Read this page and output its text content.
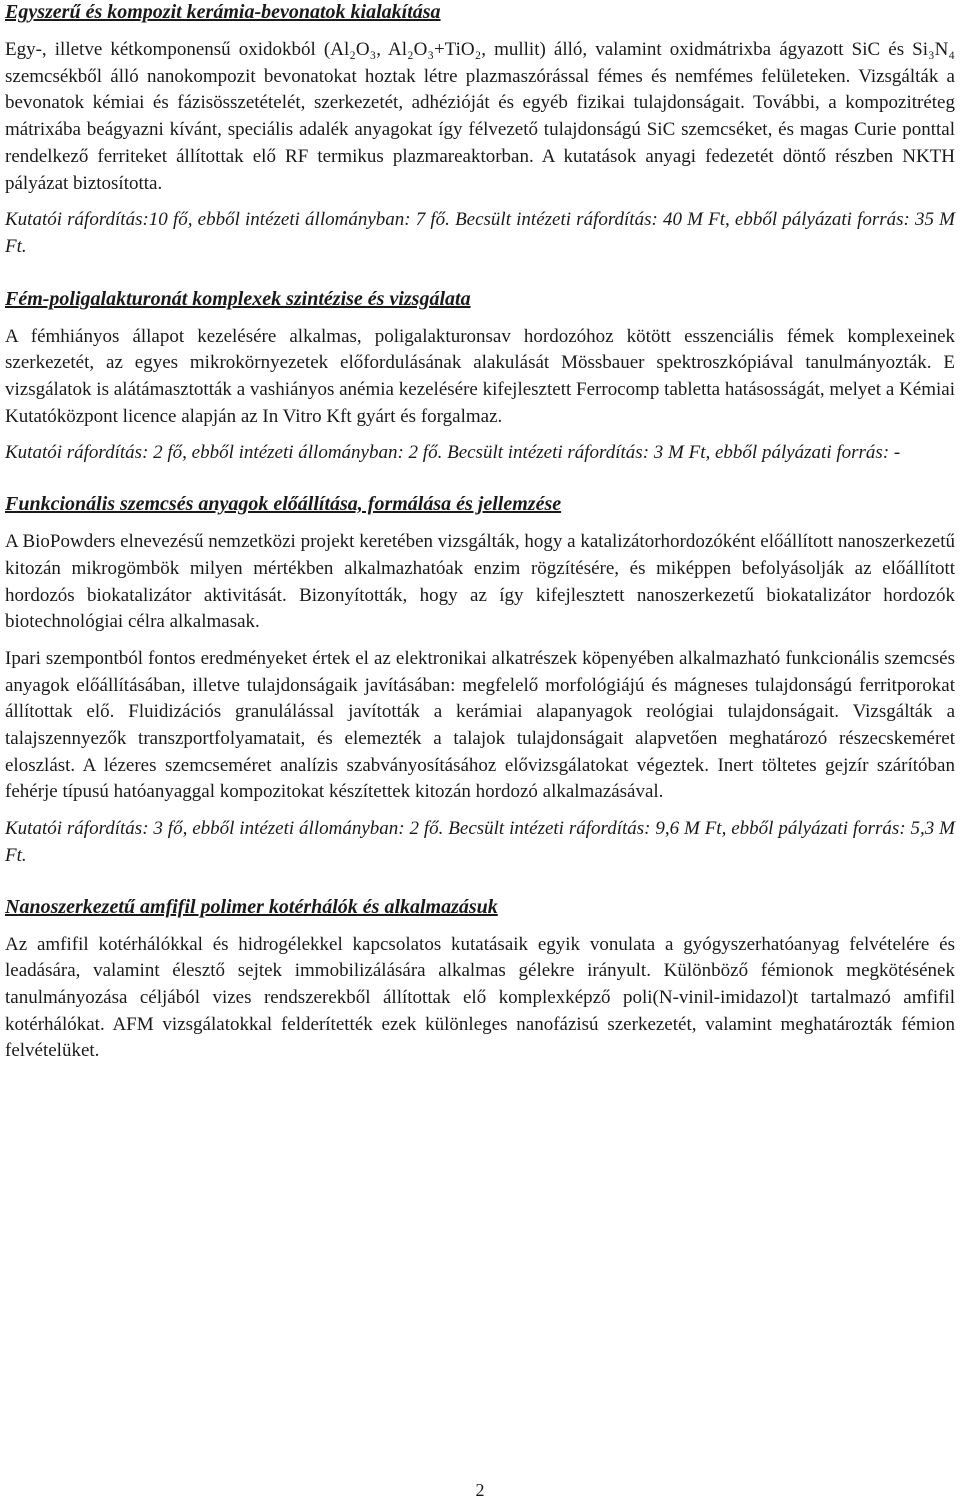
Egyszerű és kompozit kerámia-bevonatok kialakítása

Egy-, illetve kétkomponensű oxidokból (Al₂O₃, Al₂O₃+TiO₂, mullit) álló, valamint oxidmátrixba ágyazott SiC és Si₃N₄ szemcsékből álló nanokompozit bevonatokat hoztak létre plazmaszórással fémes és nemfémes felületeken. Vizsgálták a bevonatok kémiai és fázisösszetételét, szerkezetét, adhézióját és egyéb fizikai tulajdonságait. További, a kompozitréteg mátrixába beágyazni kívánt, speciális adalék anyagokat így félvezető tulajdonságú SiC szemcséket, és magas Curie ponttal rendelkező ferriteket állítottak elő RF termikus plazmareaktorban. A kutatások anyagi fedezetét döntő részben NKTH pályázat biztosította.

Kutatói ráfordítás:10 fő, ebből intézeti állományban: 7 fő. Becsült intézeti ráfordítás: 40 M Ft, ebből pályázati forrás: 35 M Ft.

Fém-poligalakturonát komplexek szintézise és vizsgálata

A fémhiányos állapot kezelésére alkalmas, poligalakturonsav hordozóhoz kötött esszenciális fémek komplexeinek szerkezetét, az egyes mikrokörnyezetek előfordulásának alakulását Mössbauer spektroszkópiával tanulmányozták. E vizsgálatok is alátámasztották a vashiányos anémia kezelésére kifejlesztett Ferrocomp tabletta hatásosságát, melyet a Kémiai Kutatóközpont licence alapján az In Vitro Kft gyárt és forgalmaz.

Kutatói ráfordítás: 2 fő, ebből intézeti állományban: 2 fő. Becsült intézeti ráfordítás: 3 M Ft, ebből pályázati forrás: -

Funkcionális szemcsés anyagok előállítása, formálása és jellemzése

A BioPowders elnevezésű nemzetközi projekt keretében vizsgálták, hogy a katalizátorhordozóként előállított nanoszerkezetű kitozán mikrogömbök milyen mértékben alkalmazhatóak enzim rögzítésére, és miképpen befolyásolják az előállított hordozós biokatalizátor aktivitását. Bizonyították, hogy az így kifejlesztett nanoszerkezetű biokatalizátor hordozók biotechnológiai célra alkalmasak.

Ipari szempontból fontos eredményeket értek el az elektronikai alkatrészek köpenyében alkalmazható funkcionális szemcsés anyagok előállításában, illetve tulajdonságaik javításában: megfelelő morfológiájú és mágneses tulajdonságú ferritporokat állítottak elő. Fluidizációs granulálással javították a kerámiai alapanyagok reológiai tulajdonságait. Vizsgálták a talajszennyezők transzportfolyamatait, és elemezték a talajok tulajdonságait alapvetően meghatározó részecskeméret eloszlást. A lézeres szemcseméret analízis szabványosításához elővizsgálatokat végeztek. Inert töltetes gejzír szárítóban fehérje típusú hatóanyaggal kompozitokat készítettek kitozán hordozó alkalmazásával.

Kutatói ráfordítás: 3 fő, ebből intézeti állományban: 2 fő. Becsült intézeti ráfordítás: 9,6 M Ft, ebből pályázati forrás: 5,3 M Ft.

Nanoszerkezetű amfifil polimer kotérhálók és alkalmazásuk

Az amfifil kotérhálókkal és hidrogélekkel kapcsolatos kutatásaik egyik vonulata a gyógyszerhatóanyag felvételére és leadására, valamint élesztő sejtek immobilizálására alkalmas gélekre irányult. Különböző fémionok megkötésének tanulmányozása céljából vizes rendszerekből állítottak elő komplexképző poli(N-vinil-imidazol)t tartalmazó amfifil kotérhálókat. AFM vizsgálatokkal felderítették ezek különleges nanofázisú szerkezetét, valamint meghatározták fémion felvételüket.

2
